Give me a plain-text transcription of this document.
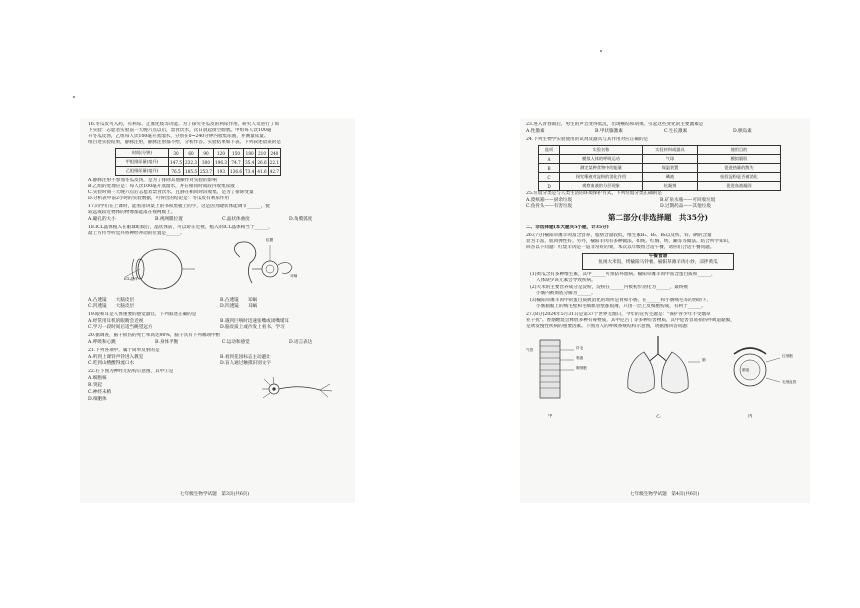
16.冬瓜皮可入药，有利尿、止血化痰等功能。为了探究冬瓜皮的利尿作用，研究人员进行了如
下实验：志愿者实验前一天晚六点以后，禁食饮水，次日晨起排空膀胱。甲组每人饮100毫
升冬瓜皮汤，乙组每人饮100毫升蒸馏水。分别在0~240分钟内收集尿液，并测量尿量。
组目述实验结果，静脉注射，静脉注射都不给，分析作答。实验结果如下表。下列叙述错误的是
时间(分钟)	30	60	90	120	150	180	210	240
甲组排尿量(毫升)	147.5	232.3	300	196.3	74.7	35.4	26.6	22.1
乙组排尿量(毫升)	76.5	185.5	253.7	193	136.6	73.4	41.6	42.7
A.静脉注射不参加冬瓜皮汤，是为了排除其他操作对实验的影响
B.乙组的处理应是：每人饮100毫升蒸馏水，并在相同时间段内收集尿液
C.实验时间一天晚六点后志愿者禁食饮水，且静在相同时段收集，是为了排除变量
D.分析表中前2小时的实验数据，可得出的结论是：冬瓜皮有利尿作用
17.同学们在上课时，能看清讲桌上的书和黑板上的字，这是因为睫状体能调节______，使
较远或较近物体的物像都能落在视网膜上。
A.瞳孔的大小	B.视网膜位置	C.晶状体曲度	D.角膜弧度
18.ICL晶体植入在眼球虹膜后，晶状体前，可以矫正近视，植入的ICL晶体相当于______，
最上方传导听觉并将神经冲动的位置是______。
ICL晶体
虹膜
耳蜗
A.凸透镜　　大脑皮层	B.凸透镜　　耳蜗
C.凹透镜　　大脑皮层	D.凹透镜　　耳蜗
19.眼和耳是人体重要的感觉器官，下列叙述正确的是
A.经常用耳机的眼睛会近视	B.遇到巨响时迅速张嘴或闭嘴堵耳
C.学习一段时间后适当眺望远方	D.脑皮质上或沙发上看书、学习
20.据调查，脑干损伤的死亡率高达90%，脑干具有下列哪项中枢
A.呼吸和心跳	B.身体平衡	C.运动和感觉	D.语言表达
21.下列各项中，属于简单反射的是
A.听到上课铃声铃进入教室	B.看到花园标志主动避让
C.吃到山楂酸得流口水	D.盲人通过触摸识别文字
22.右下图为神经元结构示意图，其中①是
A.细胞核
B.突起
C.神经末梢
D.细胞体
七年级生物学试题　第3页(共6页)
23.进入青春期后，男生的声音变得低沉，出现喉结和胡须。引起这些变化的主要激素是
A.性激素	B.甲状腺激素	C.生长激素	D.胰岛素
24.下列生物学实验使用的试剂及器具与其作用对应正确的是
选项	实验名称	实验材料或器具	使用目的
A	模拟人体的呼吸运动	气球	模拟膈肌
B	测定某种食物中的能量	保温装置	促进热量的散失
C	探究唾液对淀粉的消化作用	碘液	检验淀粉是否被消化
D	观察血液的分层现象	抗凝剂	促进血液凝固
25.垃圾分类是与人类生活的环境保护方式。下列垃圾分类正确的是
A.废纸箱——厨余垃圾	B.矿泉水瓶——可回收垃圾
C.鱼骨头——有害垃圾	D.过期药品——其他垃圾
第二部分(非选择题　共35分)
二、非选择题(本大题共5小题，计35分)
26.(7分)榆阳草滩羊肉富含营养，脂肪含量较低，维生素B₁、B₂、B₆以及铁、锌、硒的含量
显为丰富，肌肉弹性好。另外，榆阳羊肉有多种做法，如炖、红焖、烤、涮等等做法。结合所学知识，
回答以下问题：红烧羊肉是一道非常好的菜，本次以年级组合适午餐，请你们合适午餐问题。
午餐食谱
鱼闲大米饭，烤榆阳马铃薯，榆阳草滩羊肉小炒，凉拌黄瓜
(1)黄瓜含有多种维生素，其中______可预防坏血病。榆阳草滩羊肉中富含蛋白质和______，
人体缺少该元素会导致疾病。
(2)大米的主要营养成分是淀粉，淀粉在______内被初步消化为______，最终被
小肠内被彻底分解为______。
(3)榆阳草滩羊肉中的蛋白质被消化的场所是胃和小肠，在______和小肠绒毛等的协助下，
小肠黏膜上的绒毛壁和毛细血管壁都很薄，只由一层上皮细胞构成，有利于______。
27.(8分)2024年5月31日是第37个世界无烟日，今年的宣传主题是："保护青少年不受烟草
业干扰"。香烟燃烧会释放多种有毒物质，其中尼古丁等多种有害物质，其中危害容易损伤呼吸道黏膜，
是诱发慢性疾病的重要因素。下图为人的呼吸系统结构示意图，请据图回答问题：
气管	纤毛
黏液
腺细胞
肺
红细胞
肺泡
毛细血管
甲	乙	丙
七年级生物学试题　第4页(共6页)
